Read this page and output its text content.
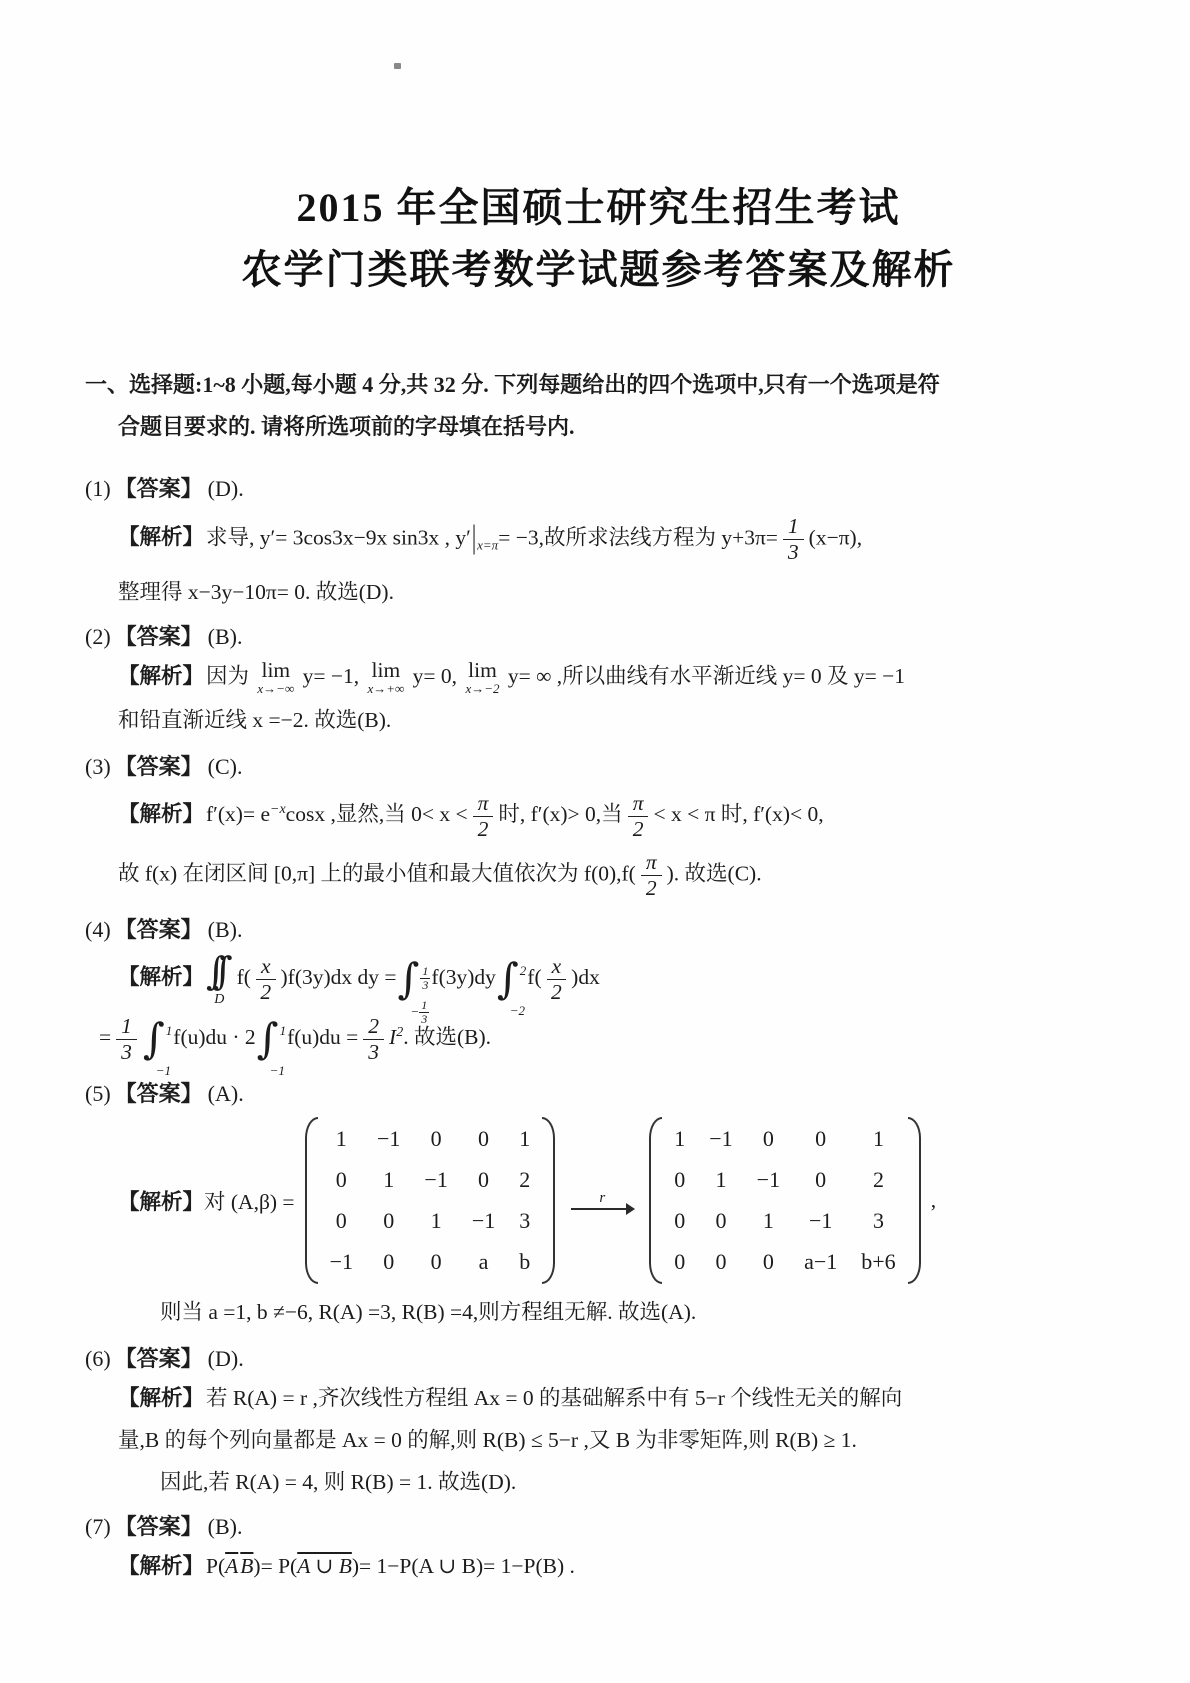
2015 年全国硕士研究生招生考试
农学门类联考数学试题参考答案及解析

一、选择题:1~8 小题,每小题 4 分,共 32 分. 下列每题给出的四个选项中,只有一个选项是符
合题目要求的. 请将所选项前的字母填在括号内.

(1) 【答案】 (D).

【解析】求导, y′= 3cos3x−9x sin3x , $y'|_{x=\pi}= -3$,故所求法线方程为 $y+3\pi= \frac{1}{3} (x-\pi)$,

整理得 x−3y−10π= 0. 故选(D).

(2) 【答案】 (B).

【解析】因为 lim
x→−∞
y= −1, lim
x→+∞
y= 0, lim
x→−2
y= ∞ ,所以曲线有水平渐近线 y= 0 及 y= −1

和铅直渐近线 x =−2. 故选(B).

(3) 【答案】 (C).

【解析】$f'(x)= e^{-x}\cos x$ ,显然,当 $0< x < \frac{\pi}{2}$ 时, f′(x)> 0,当 $\frac{\pi}{2} < x < \pi$ 时, f′(x)< 0,

故 f(x) 在闭区间 [0,π] 上的最小值和最大值依次为 $f(0),f( \frac{\pi}{2}$ ). 故选(C).

(4) 【答案】 (B).

【解析】 ∫∫
D
$f( \frac{x}{2} )f(3y)dx$ dy = ∫ $\frac{1}{3}$
− $\frac{1}{3}$
f(3y)dy ∫ 2
−2
$f( \frac{x}{2} )dx$

= $\frac{1}{3}$ ∫ 1
−1
f(u)du · 2 ∫ 1
−1
$f(u)du = \frac{2}{3} I^2$. 故选(B).

(5) 【答案】 (A).

【解析】 对 (A,β) =
1 −1 0 0 1
0 1 −1 0 2
0 0 1 −1 3
−1 0 0 a b
r
1 −1 0 0 1
0 1 −1 0 2
0 0 1 −1 3
0 0 0 a−1 b+6
,

则当 a =1, b ≠−6, R(A) =3, R(B) =4,则方程组无解. 故选(A).

(6) 【答案】 (D).

【解析】若 R(A) = r ,齐次线性方程组 Ax = 0 的基础解系中有 5−r 个线性无关的解向

量,B 的每个列向量都是 Ax = 0 的解,则 R(B) ≤ 5−r ,又 B 为非零矩阵,则 R(B) ≥ 1.

因此,若 R(A) = 4, 则 R(B) = 1. 故选(D).

(7) 【答案】 (B).

【解析】$P(\overline{A}\overline{B})= P(A$ ∪ B)= 1−P(A ∪ B)= 1−P(B) .
